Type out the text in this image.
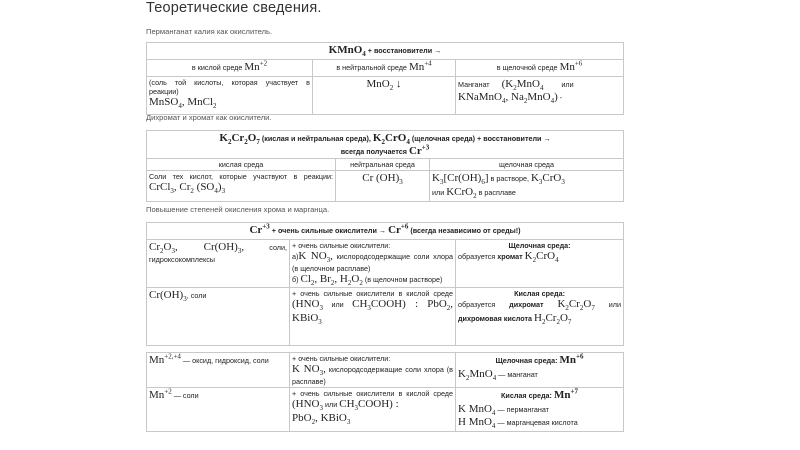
Теоретические сведения.
Перманганат калия как окислитель.
KMnO$_4$ + восстановители →		
в кислой среде $Mn^{+2}$	в нейтральной среде $Mn^{+4}$	в щелочной среде $Mn^{+6}$
(соль той кислоты, которая участвует в реакции)
MnSO$_4$, MnCl$_2$	MnO$_2$ ↓	Манганат ($K_2MnO_4$ или
KNaMnO$_4$, $Na_2MnO_4$) -
Дихромат и хромат как окислители.
$K_2Cr_2O_7$ (кислая и нейтральная среда), $K_2CrO_4$ (щелочная среда) + восстановители →
всегда получается $Cr^{+3}$
кислая среда	нейтральная среда	щелочная среда
Соли тех кислот, которые участвуют в реакции: CrCl$_3$, $Cr_2$ $(SO_4)_3$	Cr $(OH)_3$	$K_3[Cr(OH)_6]$ в растворе, $K_3CrO_3$
или KCrO$_2$ в расплаве
Повышение степеней окисления хрома и марганца.
$Cr^{+3}$ + очень сильные окислители → $Cr^{+6}$ (всегда независимо от среды!)		
$Cr_2O_3$, $Cr(OH)_3$, соли, гидроксокомплексы	+ очень сильные окислители:
а)K $NO_3$, кислородсодержащие соли хлора (в щелочном расплаве)
б) $Cl_2$, $Br_2$, $H_2O_2$ (в щелочном растворе)	Щелочная среда:
образуется хромат $K_2CrO_4$
$Cr(OH)_3$, соли	+ очень сильные окислители в кислой среде ($HNO_3$ или $CH_3COOH$) : PbO$_2$, KBiO$_3$	Кислая среда:
образуется дихромат $K_2Cr_2O_7$ или дихромовая кислота $H_2Cr_2O_7$
$Mn^{+2,+4}$ — оксид, гидроксид, соли	+ очень сильные окислители:
K $NO_3$, кислородсодержащие соли хлора (в расплаве)	Щелочная среда: $Mn^{+6}$
$K_2MnO_4$ — манганат
$Mn^{+2}$ — соли	+ очень сильные окислители в кислой среде ($HNO_3$ или $CH_3COOH$) :
PbO$_2$, KBiO$_3$	Кислая среда: $Mn^{+7}$
K MnO$_4$ — перманганат
H MnO$_4$ — марганцевая кислота
